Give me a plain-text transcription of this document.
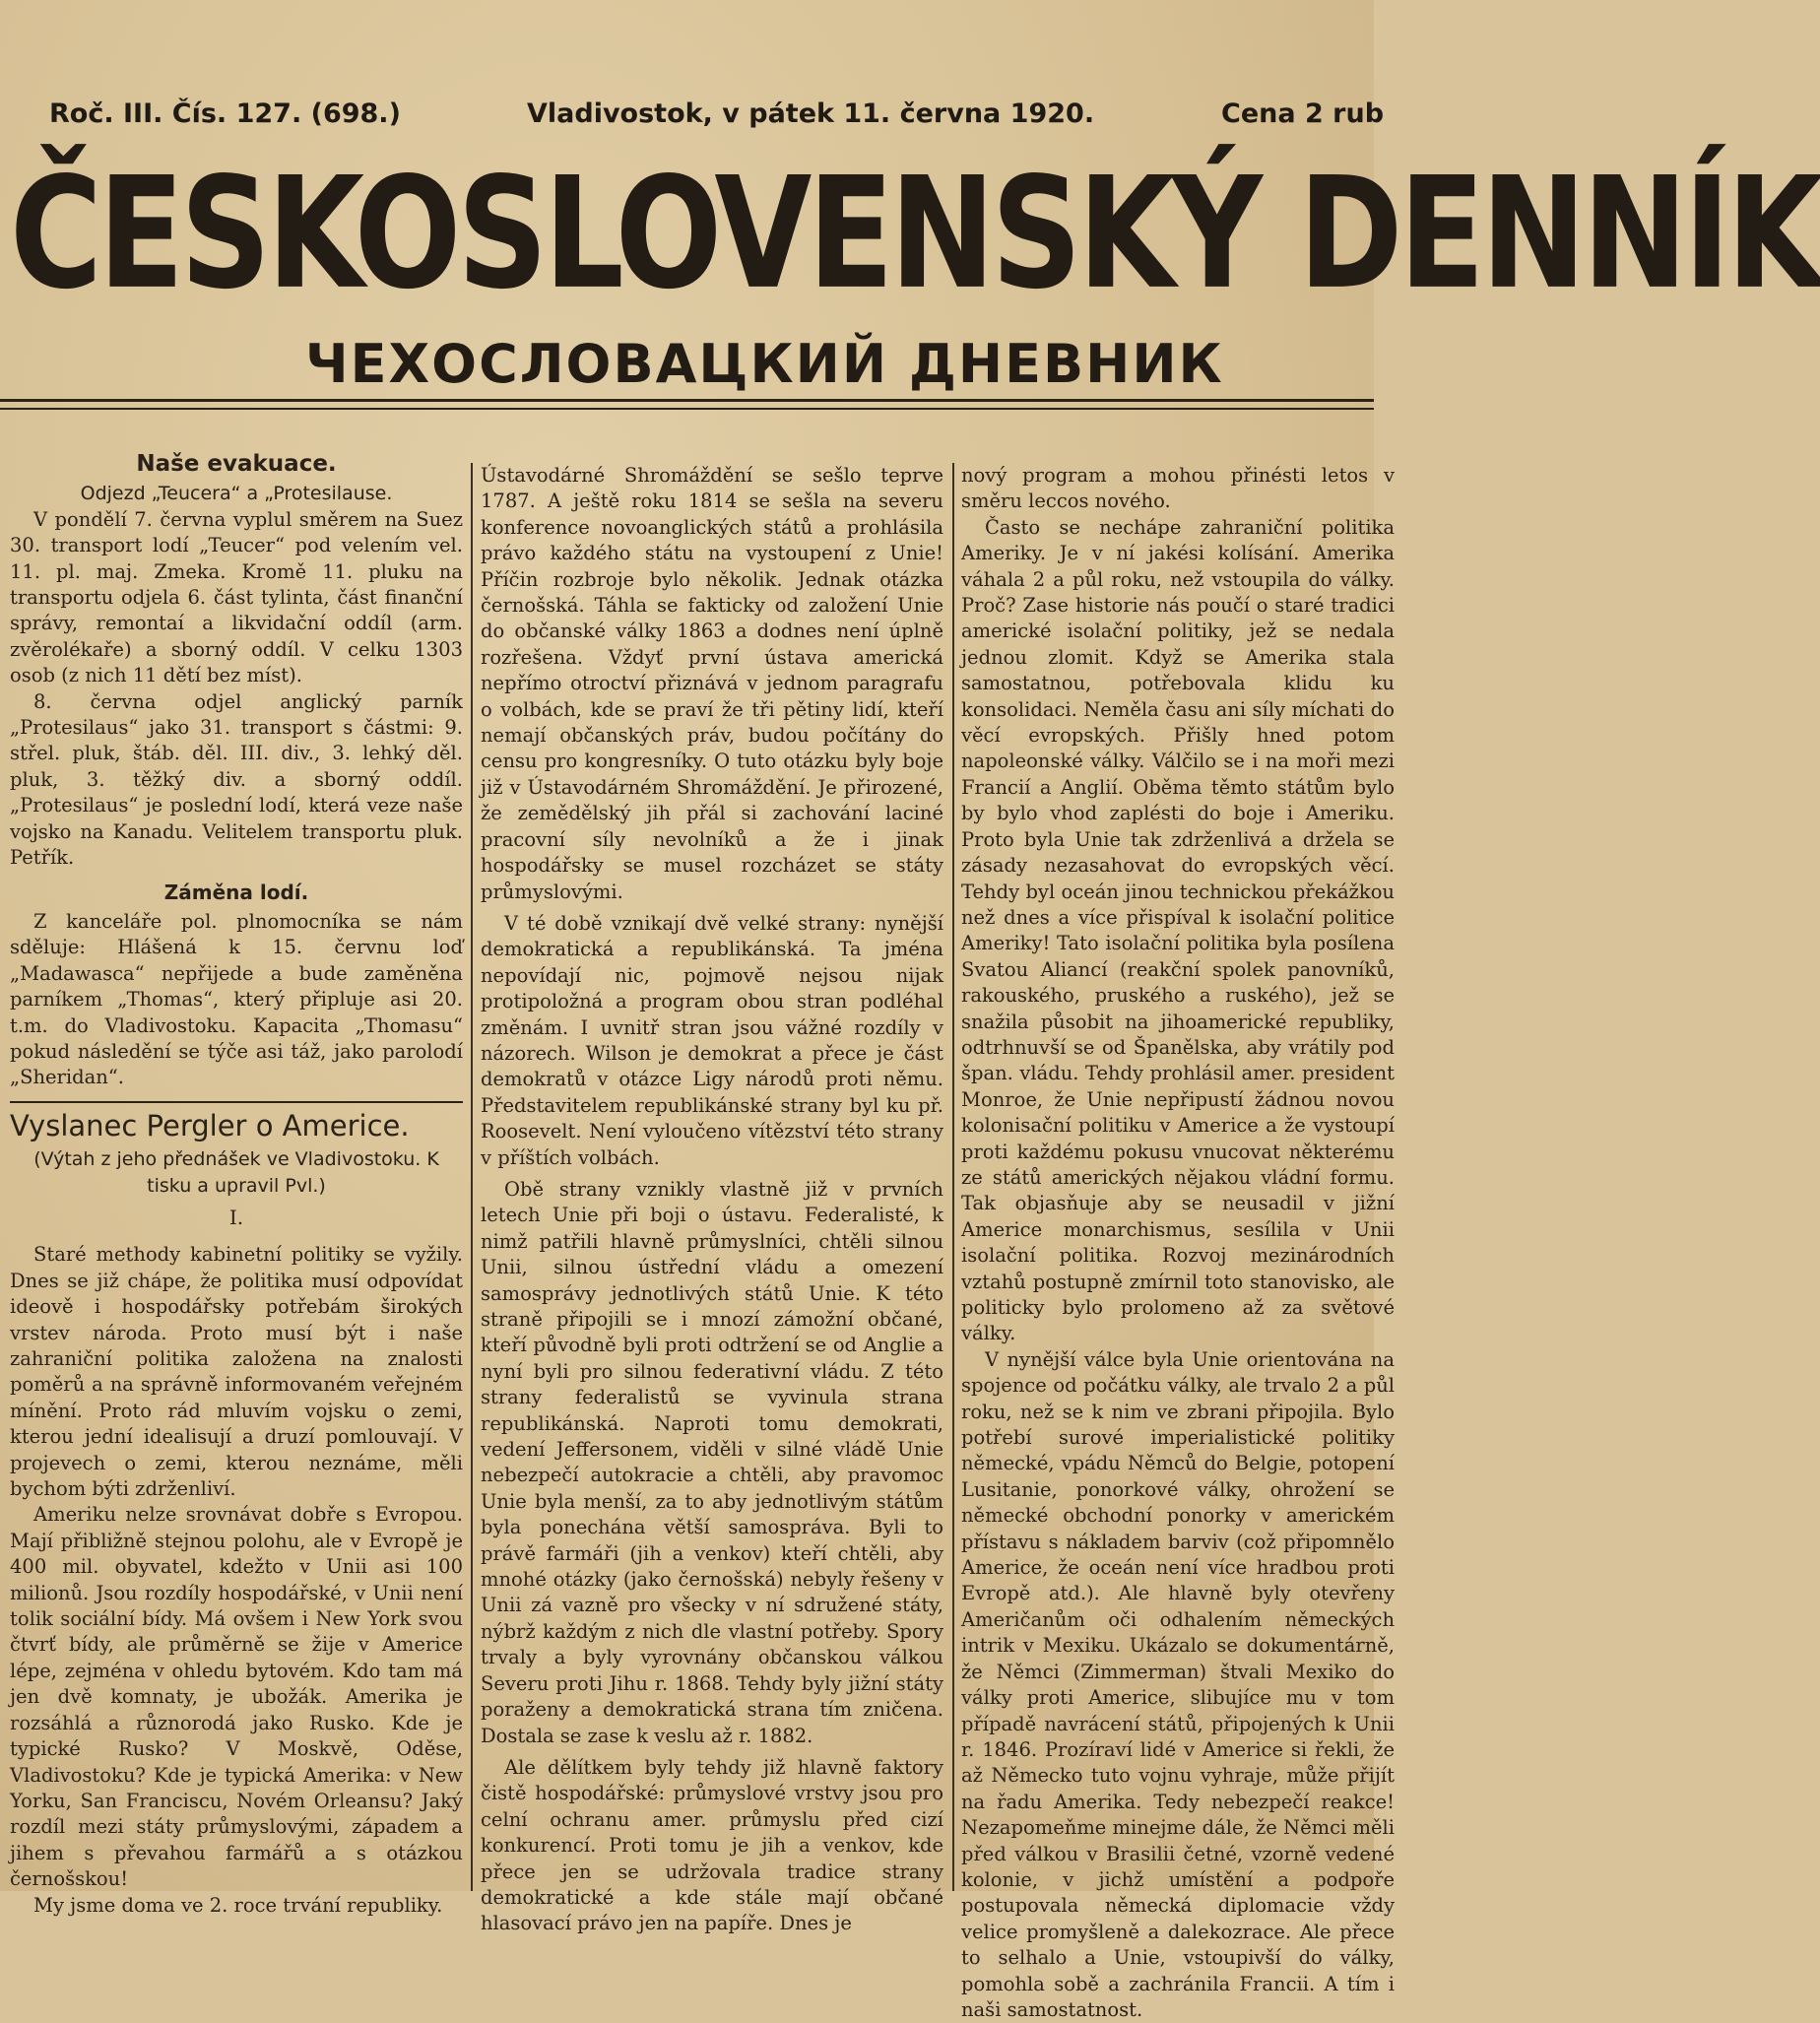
Roč. III. Čís. 127. (698.)	Vladivostok, v pátek 11. června 1920.	Cena 2 rub
ČESKOSLOVENSKÝ DENNÍK
ЧЕХОСЛОВАЦКИЙ ДНЕВНИК

Naše evakuace.

Odjezd „Teucera“ a „Protesilause.

V pondělí 7. června vyplul směrem na Suez 30. transport lodí „Teucer“ pod velením vel. 11. pl. maj. Zmeka. Kromě 11. pluku na transportu odjela 6. část tylinta, část finanční správy, remontaí a likvidační oddíl (arm. zvěrolékaře) a sborný oddíl. V celku 1303 osob (z nich 11 dětí bez míst).

8. června odjel anglický parník „Protesilaus“ jako 31. transport s částmi: 9. střel. pluk, štáb. děl. III. div., 3. lehký děl. pluk, 3. těžký div. a sborný oddíl. „Protesilaus“ je poslední lodí, která veze naše vojsko na Kanadu. Velitelem transportu pluk. Petřík.

Záměna lodí.

Z kanceláře pol. plnomocníka se nám sděluje: Hlášená k 15. červnu loď „Madawasca“ nepřijede a bude zaměněna parníkem „Thomas“, který připluje asi 20. t.m. do Vladivostoku. Kapacita „Thomasu“ pokud následění se týče asi táž, jako parolodí „Sheridan“.

Vyslanec Pergler o Americe.

(Výtah z jeho přednášek ve Vladivostoku. K tisku a upravil Pvl.)

I.

Staré methody kabinetní politiky se vyžily. Dnes se již chápe, že politika musí odpovídat ideově i hospodářsky potřebám širokých vrstev národa. Proto musí být i naše zahraniční politika založena na znalosti poměrů a na správně informovaném veřejném mínění. Proto rád mluvím vojsku o zemi, kterou jední idealisují a druzí pomlouvají. V projevech o zemi, kterou neznáme, měli bychom býti zdrženliví.

Ameriku nelze srovnávat dobře s Evropou. Mají přibližně stejnou polohu, ale v Evropě je 400 mil. obyvatel, kdežto v Unii asi 100 milionů. Jsou rozdíly hospodářské, v Unii není tolik sociální bídy. Má ovšem i New York svou čtvrť bídy, ale průměrně se žije v Americe lépe, zejména v ohledu bytovém. Kdo tam má jen dvě komnaty, je ubožák. Amerika je rozsáhlá a různorodá jako Rusko. Kde je typické Rusko? V Moskvě, Oděse, Vladivostoku? Kde je typická Amerika: v New Yorku, San Franciscu, Novém Orleansu? Jaký rozdíl mezi státy průmyslovými, západem a jihem s převahou farmářů a s otázkou černošskou!

My jsme doma ve 2. roce trvání republiky.

Ústavodárné Shromáždění se sešlo teprve 1787. A ještě roku 1814 se sešla na severu konference novoanglických států a prohlásila právo každého státu na vystoupení z Unie! Příčin rozbroje bylo několik. Jednak otázka černošská. Táhla se fakticky od založení Unie do občanské války 1863 a dodnes není úplně rozřešena. Vždyť první ústava americká nepřímo otroctví přiznává v jednom paragrafu o volbách, kde se praví že tři pětiny lidí, kteří nemají občanských práv, budou počítány do censu pro kongresníky. O tuto otázku byly boje již v Ústavodárném Shromáždění. Je přirozené, že zemědělský jih přál si zachování laciné pracovní síly nevolníků a že i jinak hospodářsky se musel rozcházet se státy průmyslovými.

V té době vznikají dvě velké strany: nynější demokratická a republikánská. Ta jména nepovídají nic, pojmově nejsou nijak protipoložná a program obou stran podléhal změnám. I uvnitř stran jsou vážné rozdíly v názorech. Wilson je demokrat a přece je část demokratů v otázce Ligy národů proti němu. Představitelem republikánské strany byl ku př. Roosevelt. Není vyloučeno vítězství této strany v příštích volbách.

Obě strany vznikly vlastně již v prvních letech Unie při boji o ústavu. Federalisté, k nimž patřili hlavně průmyslníci, chtěli silnou Unii, silnou ústřední vládu a omezení samosprávy jednotlivých států Unie. K této straně připojili se i mnozí zámožní občané, kteří původně byli proti odtržení se od Anglie a nyní byli pro silnou federativní vládu. Z této strany federalistů se vyvinula strana republikánská. Naproti tomu demokrati, vedení Jeffersonem, viděli v silné vládě Unie nebezpečí autokracie a chtěli, aby pravomoc Unie byla menší, za to aby jednotlivým státům byla ponechána větší samospráva. Byli to právě farmáři (jih a venkov) kteří chtěli, aby mnohé otázky (jako černošská) nebyly řešeny v Unii zá vazně pro všecky v ní sdružené státy, nýbrž každým z nich dle vlastní potřeby. Spory trvaly a byly vyrovnány občanskou válkou Severu proti Jihu r. 1868. Tehdy byly jižní státy poraženy a demokratická strana tím zničena. Dostala se zase k veslu až r. 1882.

Ale dělítkem byly tehdy již hlavně faktory čistě hospodářské: průmyslové vrstvy jsou pro celní ochranu amer. průmyslu před cizí konkurencí. Proti tomu je jih a venkov, kde přece jen se udržovala tradice strany demokratické a kde stále mají občané hlasovací právo jen na papíře. Dnes je

nový program a mohou přinésti letos v směru leccos nového.

Často se nechápe zahraniční politika Ameriky. Je v ní jakési kolísání. Amerika váhala 2 a půl roku, než vstoupila do války. Proč? Zase historie nás poučí o staré tradici americké isolační politiky, jež se nedala jednou zlomit. Když se Amerika stala samostatnou, potřebovala klidu ku konsolidaci. Neměla času ani síly míchati do věcí evropských. Přišly hned potom napoleonské války. Válčilo se i na moři mezi Francií a Anglií. Oběma těmto státům bylo by bylo vhod zaplésti do boje i Ameriku. Proto byla Unie tak zdrženlivá a držela se zásady nezasahovat do evropských věcí. Tehdy byl oceán jinou technickou překážkou než dnes a více přispíval k isolační politice Ameriky! Tato isolační politika byla posílena Svatou Aliancí (reakční spolek panovníků, rakouského, pruského a ruského), jež se snažila působit na jihoamerické republiky, odtrhnuvší se od Španělska, aby vrátily pod špan. vládu. Tehdy prohlásil amer. president Monroe, že Unie nepřipustí žádnou novou kolonisační politiku v Americe a že vystoupí proti každému pokusu vnucovat některému ze států amerických nějakou vládní formu. Tak objasňuje aby se neusadil v jižní Americe monarchismus, sesílila v Unii isolační politika. Rozvoj mezinárodních vztahů postupně zmírnil toto stanovisko, ale politicky bylo prolomeno až za světové války.

V nynější válce byla Unie orientována na spojence od počátku války, ale trvalo 2 a půl roku, než se k nim ve zbrani připojila. Bylo potřebí surové imperialistické politiky německé, vpádu Němců do Belgie, potopení Lusitanie, ponorkové války, ohrožení se německé obchodní ponorky v americkém přístavu s nákladem barviv (což připomnělo Americe, že oceán není více hradbou proti Evropě atd.). Ale hlavně byly otevřeny Američanům oči odhalením německých intrik v Mexiku. Ukázalo se dokumentárně, že Němci (Zimmerman) štvali Mexiko do války proti Americe, slibujíce mu v tom případě navrácení států, připojených k Unii r. 1846. Prozíraví lidé v Americe si řekli, že až Německo tuto vojnu vyhraje, může přijít na řadu Amerika. Tedy nebezpečí reakce! Nezapomeňme minejme dále, že Němci měli před válkou v Brasilii četné, vzorně vedené kolonie, v jichž umístění a podpoře postupovala německá diplomacie vždy velice promyšleně a dalekozrace. Ale přece to selhalo a Unie, vstoupivší do války, pomohla sobě a zachránila Francii. A tím i naši samostatnost.
